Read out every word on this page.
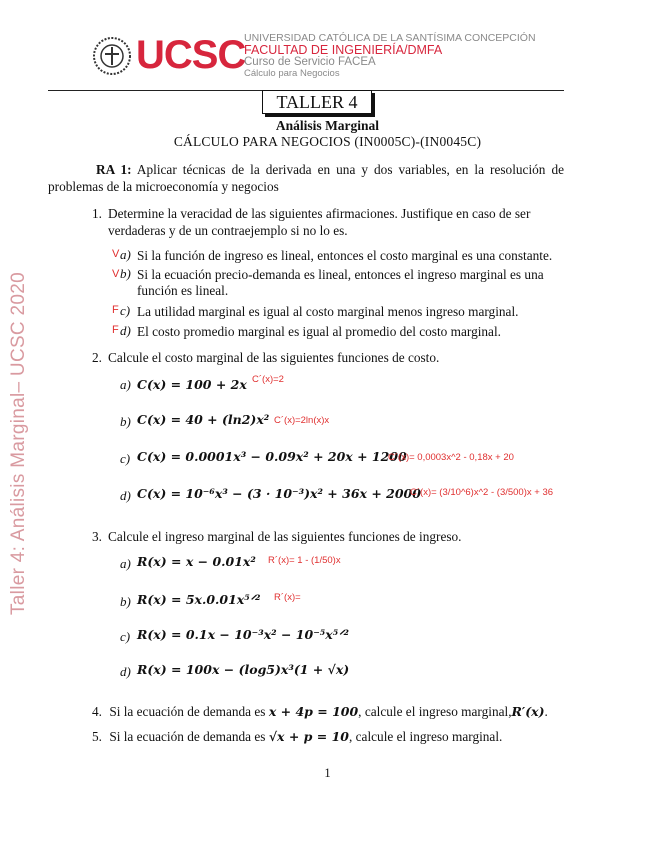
Taller 4: Análisis Marginal– UCSC 2020
UCSC
UNIVERSIDAD CATÓLICA DE LA SANTÍSIMA CONCEPCIÓN
FACULTAD DE INGENIERÍA/DMFA
Curso de Servicio FACEA
Cálculo para Negocios
TALLER 4
Análisis Marginal
CÁLCULO PARA NEGOCIOS (IN0005C)-(IN0045C)
RA 1: Aplicar técnicas de la derivada en una y dos variables, en la resolución de problemas de la microeconomía y negocios
1. Determine la veracidad de las siguientes afirmaciones. Justifique en caso de ser
verdaderas y de un contraejemplo si no lo es.
V a) Si la función de ingreso es lineal, entonces el costo marginal es una constante.
V b) Si la ecuación precio-demanda es lineal, entonces el ingreso marginal es una
función es lineal.
F c) La utilidad marginal es igual al costo marginal menos ingreso marginal.
F d) El costo promedio marginal es igual al promedio del costo marginal.
2. Calcule el costo marginal de las siguientes funciones de costo.
a) C(x) = 100 + 2x C´(x)=2
b) C(x) = 40 + (ln2)x² C´(x)=2ln(x)x
c) C(x) = 0.0001x³ − 0.09x² + 20x + 1200
C´(x)= 0,0003x^2 - 0,18x + 20
d) C(x) = 10⁻⁶x³ − (3 · 10⁻³)x² + 36x + 2000
C´(x)= (3/10^6)x^2 - (3/500)x + 36
3. Calcule el ingreso marginal de las siguientes funciones de ingreso.
a) R(x) = x − 0.01x² R´(x)= 1 - (1/50)x
b) R(x) = 5x.0.01x⁵ᐟ² R´(x)=
c) R(x) = 0.1x − 10⁻³x² − 10⁻⁵x⁵ᐟ²
d) R(x) = 100x − (log5)x³(1 + √x)
4. Si la ecuación de demanda es x + 4p = 100, calcule el ingreso marginal,R′(x).
5. Si la ecuación de demanda es √x + p = 10, calcule el ingreso marginal.
1
